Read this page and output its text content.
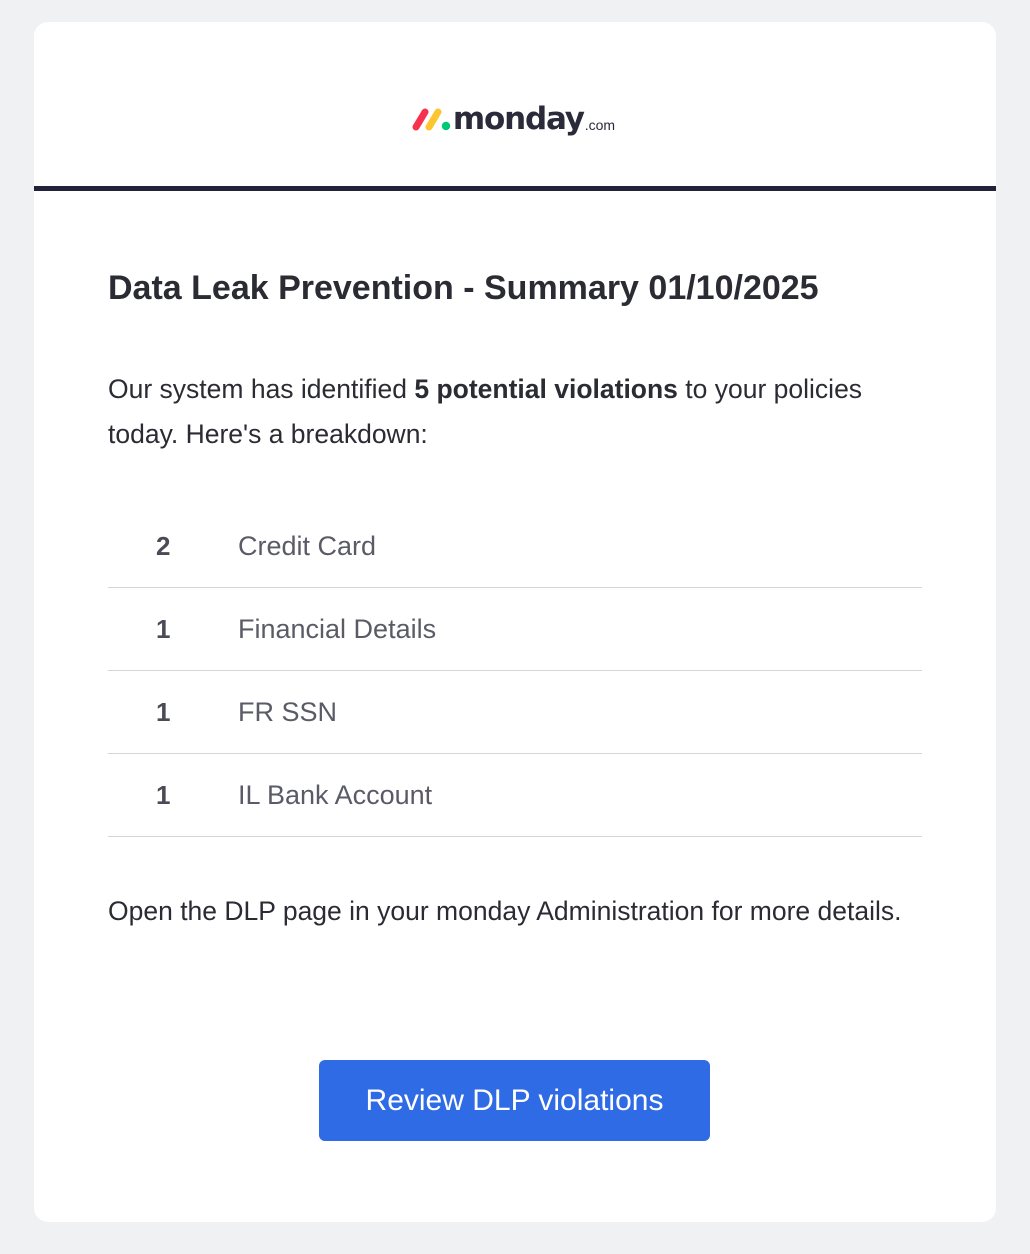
monday .com
Data Leak Prevention - Summary 01/10/2025

Our system has identified 5 potential violations to your policies today. Here's a breakdown:

2	Credit Card
1	Financial Details
1	FR SSN
1	IL Bank Account

Open the DLP page in your monday Administration for more details.

Review DLP violations
